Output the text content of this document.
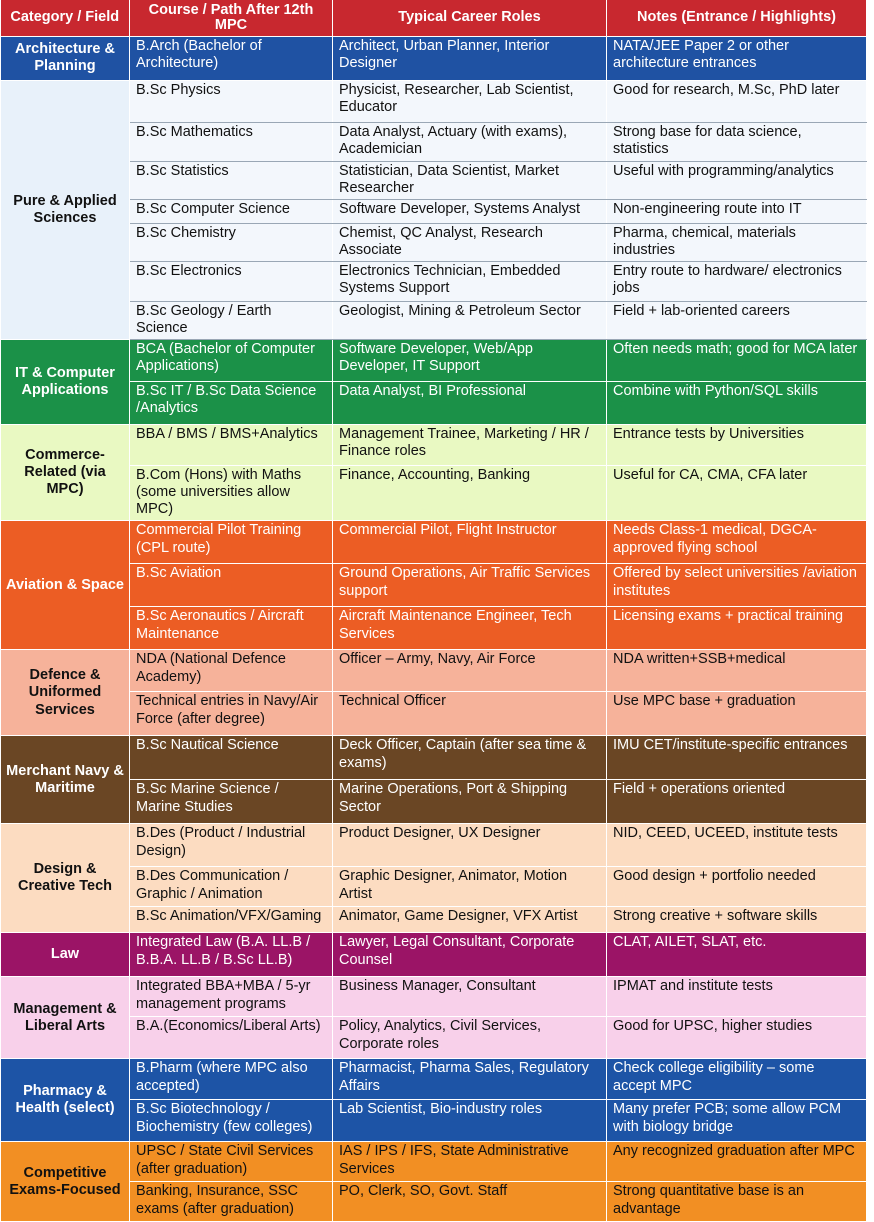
Category / Field	Course / Path After 12th MPC	Typical Career Roles	Notes (Entrance / Highlights)
Architecture & Planning	B.Arch (Bachelor of Architecture)	Architect, Urban Planner, Interior Designer	NATA/JEE Paper 2 or other architecture entrances
Pure & Applied Sciences	B.Sc Physics	Physicist, Researcher, Lab Scientist, Educator	Good for research, M.Sc, PhD later
	B.Sc Mathematics	Data Analyst, Actuary (with exams), Academician	Strong base for data science, statistics
	B.Sc Statistics	Statistician, Data Scientist, Market Researcher	Useful with programming/analytics
	B.Sc Computer Science	Software Developer, Systems Analyst	Non-engineering route into IT
	B.Sc Chemistry	Chemist, QC Analyst, Research Associate	Pharma, chemical, materials industries
	B.Sc Electronics	Electronics Technician, Embedded Systems Support	Entry route to hardware/ electronics jobs
	B.Sc Geology / Earth Science	Geologist, Mining & Petroleum Sector	Field + lab-oriented careers
IT & Computer Applications	BCA (Bachelor of Computer Applications)	Software Developer, Web/App Developer, IT Support	Often needs math; good for MCA later
	B.Sc IT / B.Sc Data Science /Analytics	Data Analyst, BI Professional	Combine with Python/SQL skills
Commerce-Related (via MPC)	BBA / BMS / BMS+Analytics	Management Trainee, Marketing / HR / Finance roles	Entrance tests by Universities
	B.Com (Hons) with Maths (some universities allow MPC)	Finance, Accounting, Banking	Useful for CA, CMA, CFA later
Aviation & Space	Commercial Pilot Training (CPL route)	Commercial Pilot, Flight Instructor	Needs Class-1 medical, DGCA-approved flying school
	B.Sc Aviation	Ground Operations, Air Traffic Services support	Offered by select universities /aviation institutes
	B.Sc Aeronautics / Aircraft Maintenance	Aircraft Maintenance Engineer, Tech Services	Licensing exams + practical training
Defence & Uniformed Services	NDA (National Defence Academy)	Officer – Army, Navy, Air Force	NDA written+SSB+medical
	Technical entries in Navy/Air Force (after degree)	Technical Officer	Use MPC base + graduation
Merchant Navy & Maritime	B.Sc Nautical Science	Deck Officer, Captain (after sea time & exams)	IMU CET/institute-specific entrances
	B.Sc Marine Science / Marine Studies	Marine Operations, Port & Shipping Sector	Field + operations oriented
Design & Creative Tech	B.Des (Product / Industrial Design)	Product Designer, UX Designer	NID, CEED, UCEED, institute tests
	B.Des Communication / Graphic / Animation	Graphic Designer, Animator, Motion Artist	Good design + portfolio needed
	B.Sc Animation/VFX/Gaming	Animator, Game Designer, VFX Artist	Strong creative + software skills
Law	Integrated Law (B.A. LL.B / B.B.A. LL.B / B.Sc LL.B)	Lawyer, Legal Consultant, Corporate Counsel	CLAT, AILET, SLAT, etc.
Management & Liberal Arts	Integrated BBA+MBA / 5-yr management programs	Business Manager, Consultant	IPMAT and institute tests
	B.A.(Economics/Liberal Arts)	Policy, Analytics, Civil Services, Corporate roles	Good for UPSC, higher studies
Pharmacy & Health (select)	B.Pharm (where MPC also accepted)	Pharmacist, Pharma Sales, Regulatory Affairs	Check college eligibility – some accept MPC
	B.Sc Biotechnology / Biochemistry (few colleges)	Lab Scientist, Bio-industry roles	Many prefer PCB; some allow PCM with biology bridge
Competitive Exams-Focused	UPSC / State Civil Services (after graduation)	IAS / IPS / IFS, State Administrative Services	Any recognized graduation after MPC
	Banking, Insurance, SSC exams (after graduation)	PO, Clerk, SO, Govt. Staff	Strong quantitative base is an advantage
